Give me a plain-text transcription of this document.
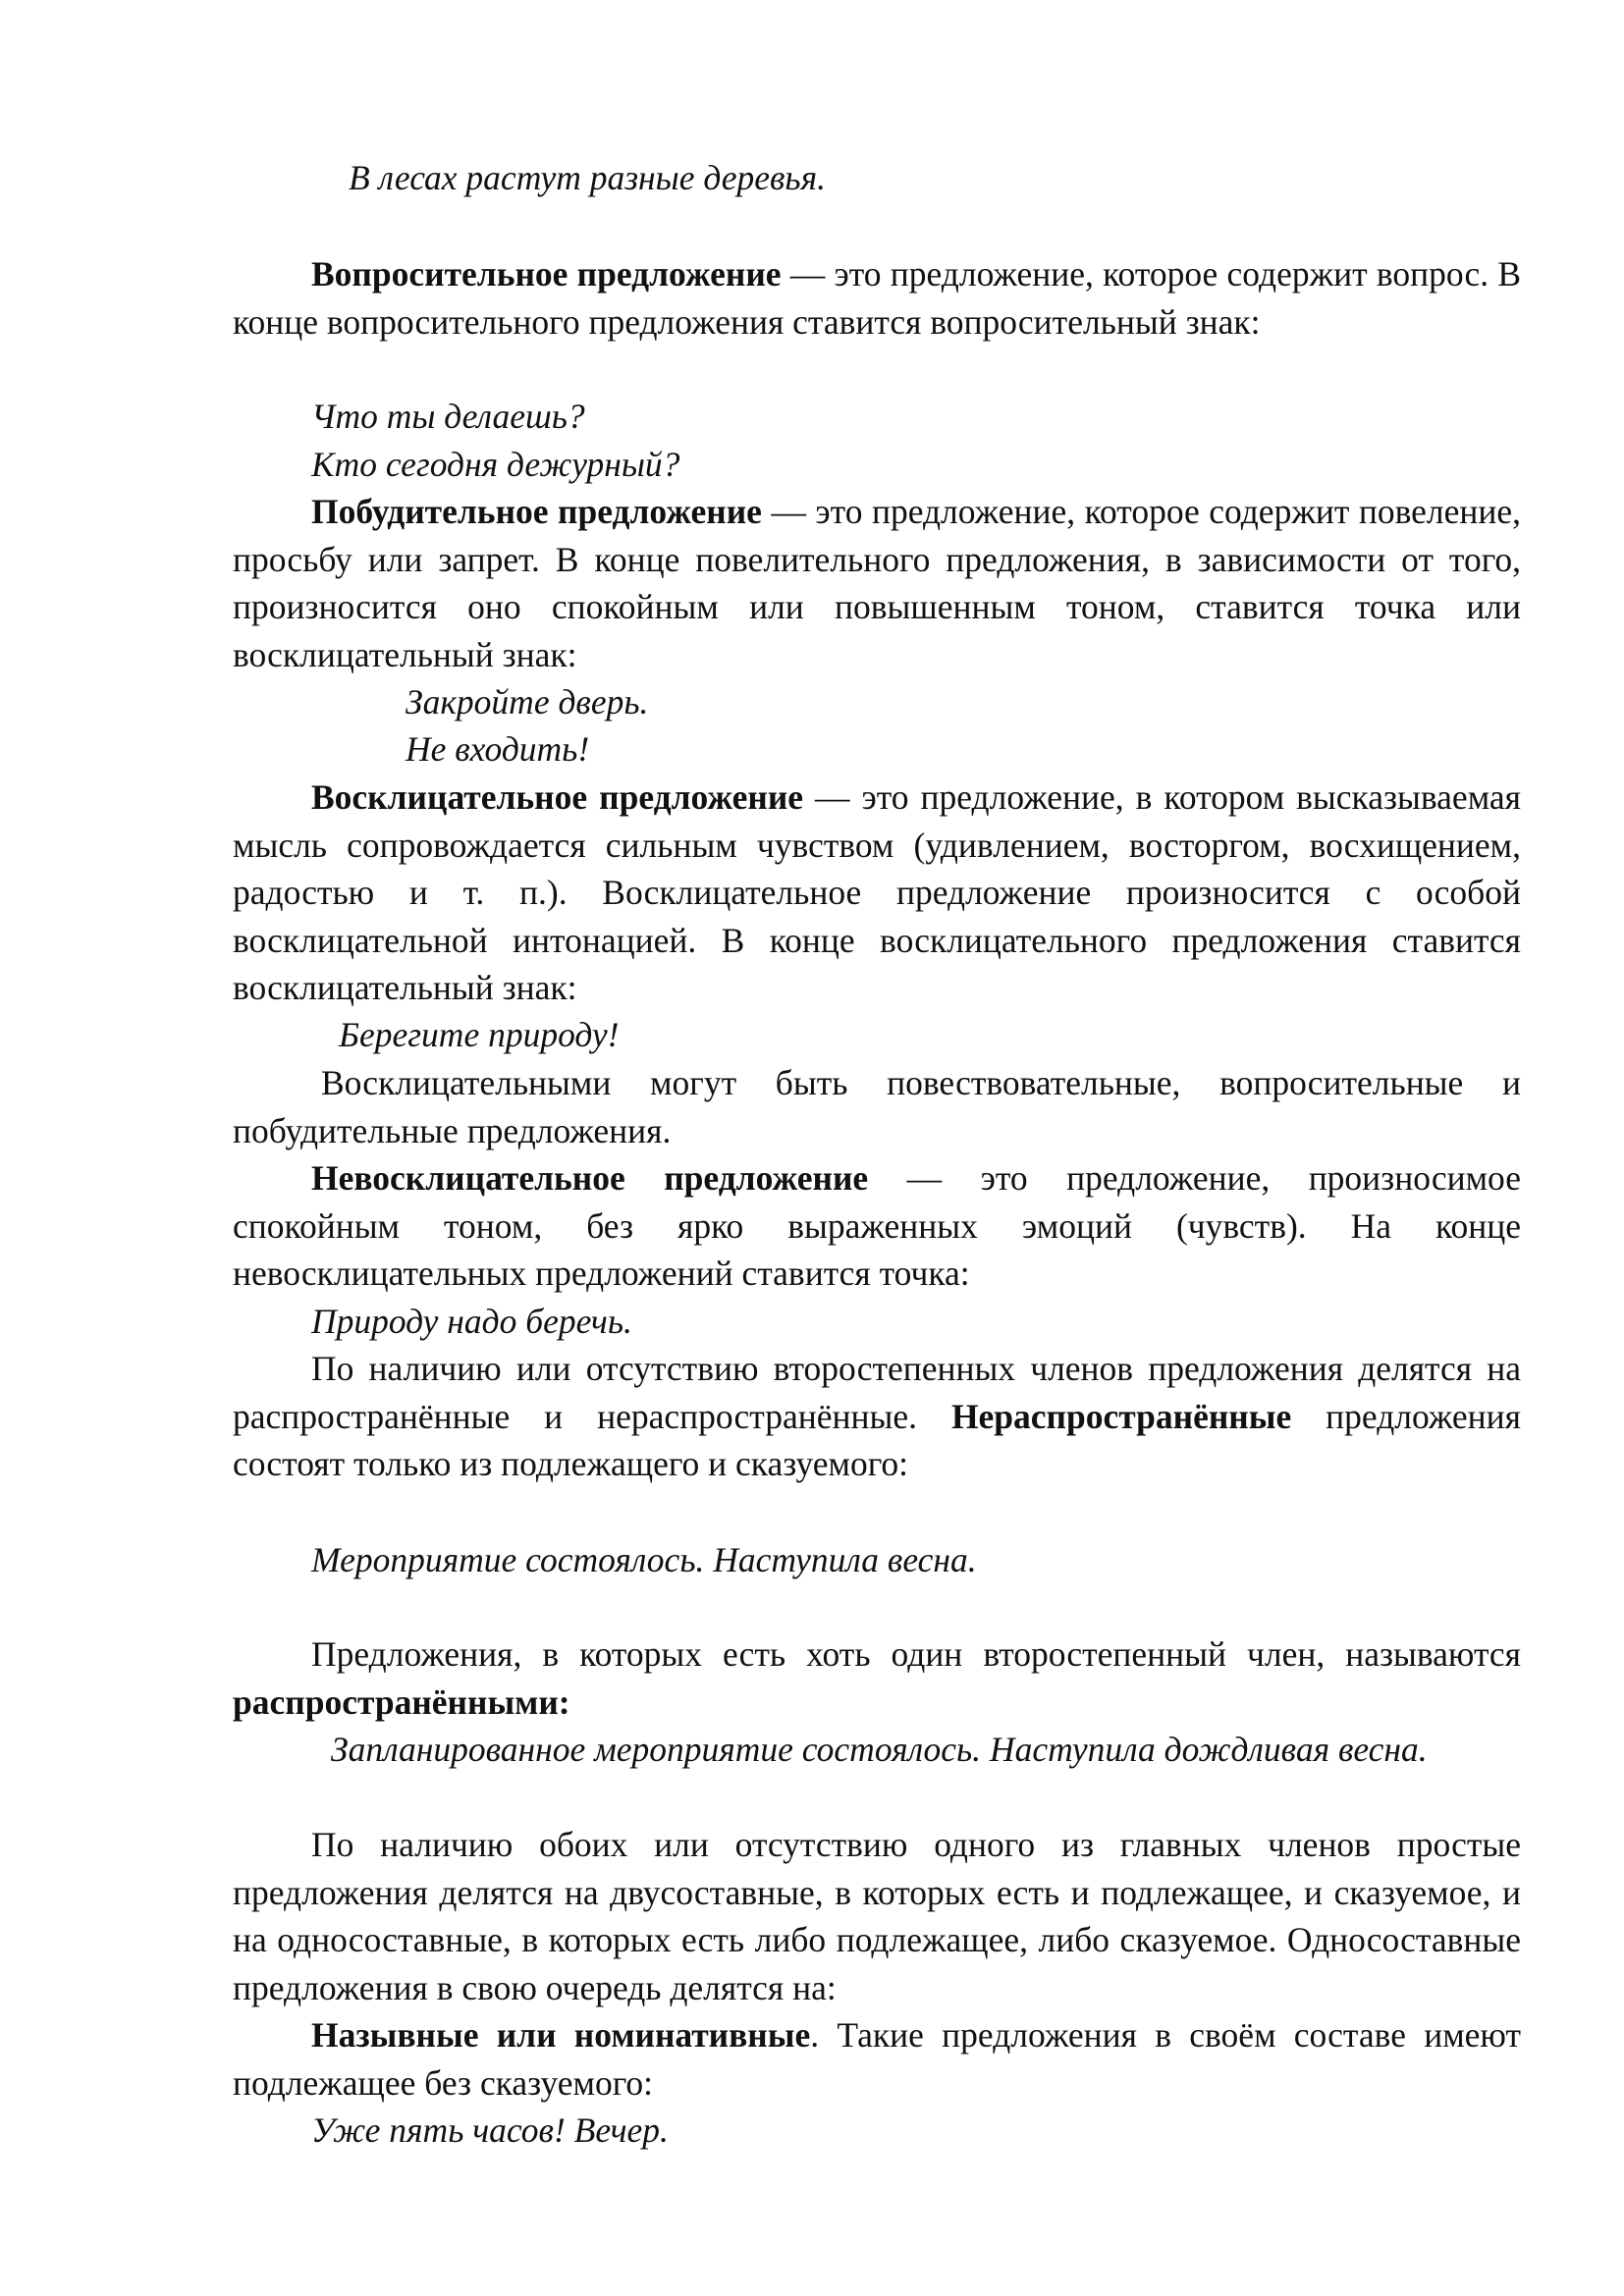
В лесах растут разные деревья.

Вопросительное предложение — это предложение, которое содержит вопрос. В конце вопросительного предложения ставится вопросительный знак:

Что ты делаешь?

Кто сегодня дежурный?

Побудительное предложение — это предложение, которое содержит повеление, просьбу или запрет. В конце повелительного предложения, в зависимости от того, произносится оно спокойным или повышенным тоном, ставится точка или восклицательный знак:

Закройте дверь.

Не входить!

Восклицательное предложение — это предложение, в котором высказываемая мысль сопровождается сильным чувством (удивлением, восторгом, восхищением, радостью и т. п.). Восклицательное предложение произносится с особой восклицательной интонацией. В конце восклицательного предложения ставится восклицательный знак:

Берегите природу!

Восклицательными могут быть повествовательные, вопросительные и побудительные предложения.

Невосклицательное предложение — это предложение, произносимое спокойным тоном, без ярко выраженных эмоций (чувств). На конце невосклицательных предложений ставится точка:

Природу надо беречь.

По наличию или отсутствию второстепенных членов предложения делятся на распространённые и нераспространённые. Нераспространённые предложения состоят только из подлежащего и сказуемого:

Мероприятие состоялось. Наступила весна.

Предложения, в которых есть хоть один второстепенный член, называются распространёнными:

Запланированное мероприятие состоялось. Наступила дождливая весна.

По наличию обоих или отсутствию одного из главных членов простые предложения делятся на двусоставные, в которых есть и подлежащее, и сказуемое, и на односоставные, в которых есть либо подлежащее, либо сказуемое. Односоставные предложения в свою очередь делятся на:

Назывные или номинативные. Такие предложения в своём составе имеют подлежащее без сказуемого:

Уже пять часов! Вечер.
